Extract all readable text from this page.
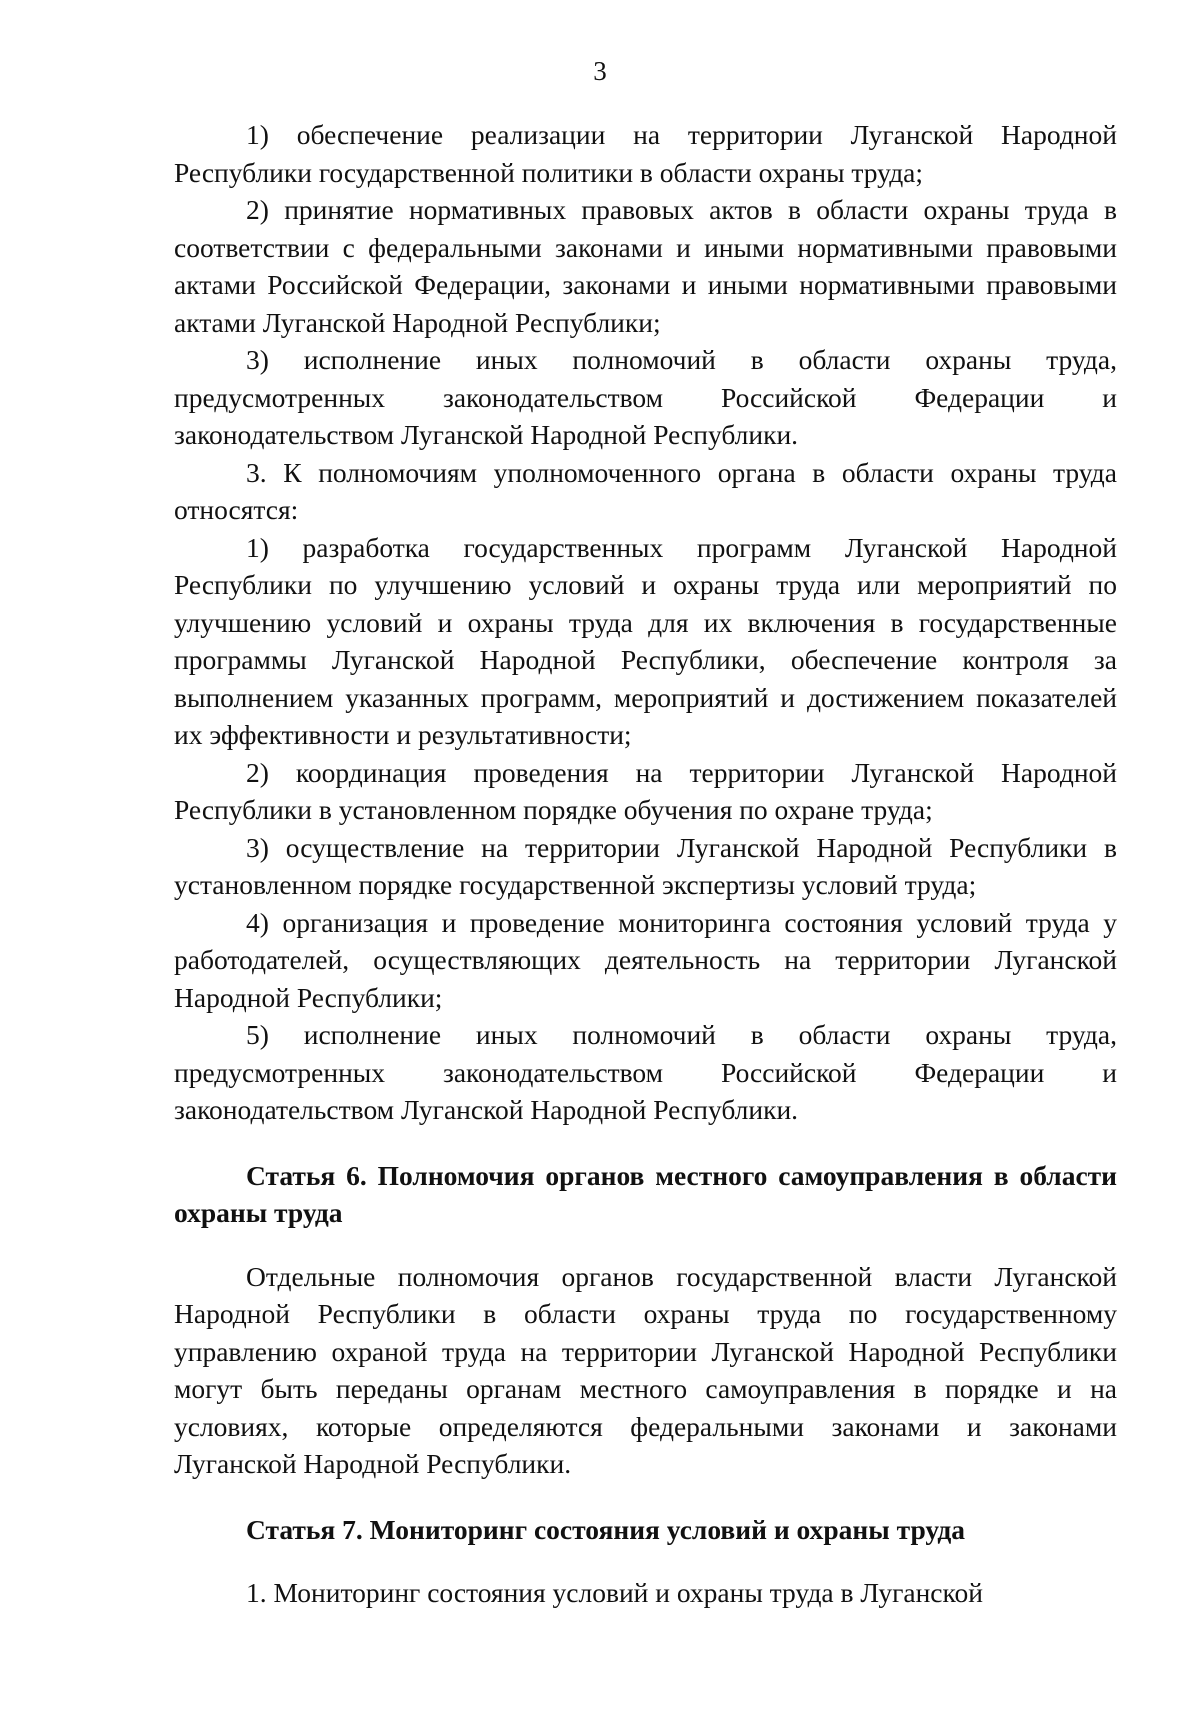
3

1) обеспечение реализации на территории Луганской Народной Республики государственной политики в области охраны труда;

2) принятие нормативных правовых актов в области охраны труда в соответствии с федеральными законами и иными нормативными правовыми актами Российской Федерации, законами и иными нормативными правовыми актами Луганской Народной Республики;

3) исполнение иных полномочий в области охраны труда, предусмотренных законодательством Российской Федерации и законодательством Луганской Народной Республики.

3. К полномочиям уполномоченного органа в области охраны труда относятся:

1) разработка государственных программ Луганской Народной Республики по улучшению условий и охраны труда или мероприятий по улучшению условий и охраны труда для их включения в государственные программы Луганской Народной Республики, обеспечение контроля за выполнением указанных программ, мероприятий и достижением показателей их эффективности и результативности;

2) координация проведения на территории Луганской Народной Республики в установленном порядке обучения по охране труда;

3) осуществление на территории Луганской Народной Республики в установленном порядке государственной экспертизы условий труда;

4) организация и проведение мониторинга состояния условий труда у работодателей, осуществляющих деятельность на территории Луганской Народной Республики;

5) исполнение иных полномочий в области охраны труда, предусмотренных законодательством Российской Федерации и законодательством Луганской Народной Республики.

Статья 6. Полномочия органов местного самоуправления в области охраны труда

Отдельные полномочия органов государственной власти Луганской Народной Республики в области охраны труда по государственному управлению охраной труда на территории Луганской Народной Республики могут быть переданы органам местного самоуправления в порядке и на условиях, которые определяются федеральными законами и законами Луганской Народной Республики.

Статья 7. Мониторинг состояния условий и охраны труда

1. Мониторинг состояния условий и охраны труда в Луганской
